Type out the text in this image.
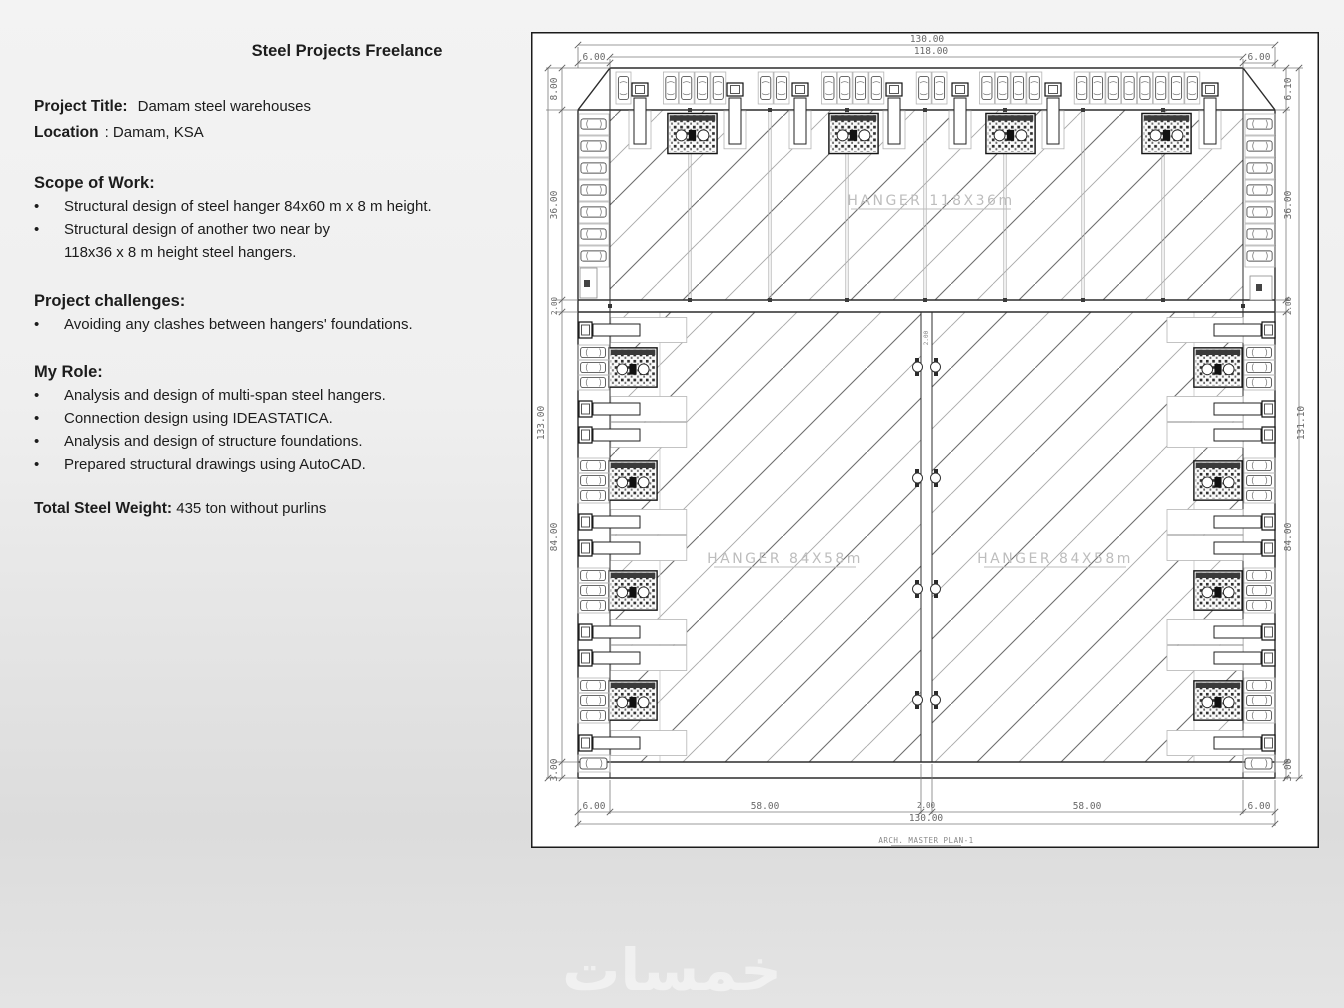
Steel Projects Freelance

Project Title: Damam steel warehouses

Location : Damam, KSA

Scope of Work:

•	Structural design of steel hanger 84x60 m x 8 m height.
•	Structural design of another two near by
118x36 x 8 m height steel hangers.

Project challenges:

•	Avoiding any clashes between hangers' foundations.

My Role:

•	Analysis and design of multi-span steel hangers.
•	Connection design using IDEASTATICA.
•	Analysis and design of structure foundations.
•	Prepared structural drawings using AutoCAD.

Total Steel Weight: 435 ton without purlins

HANGER 118X36m
HANGER 84X58m	HANGER 84X58m
130.00
118.00
6.00	6.00
8.00
36.00
2.00
133.00
84.00
3.00
6.10
36.00
2.00
131.10
84.00
3.00
6.00	58.00	2.00	58.00	6.00
130.00
2.00
ARCH. MASTER PLAN-1
خمسات
